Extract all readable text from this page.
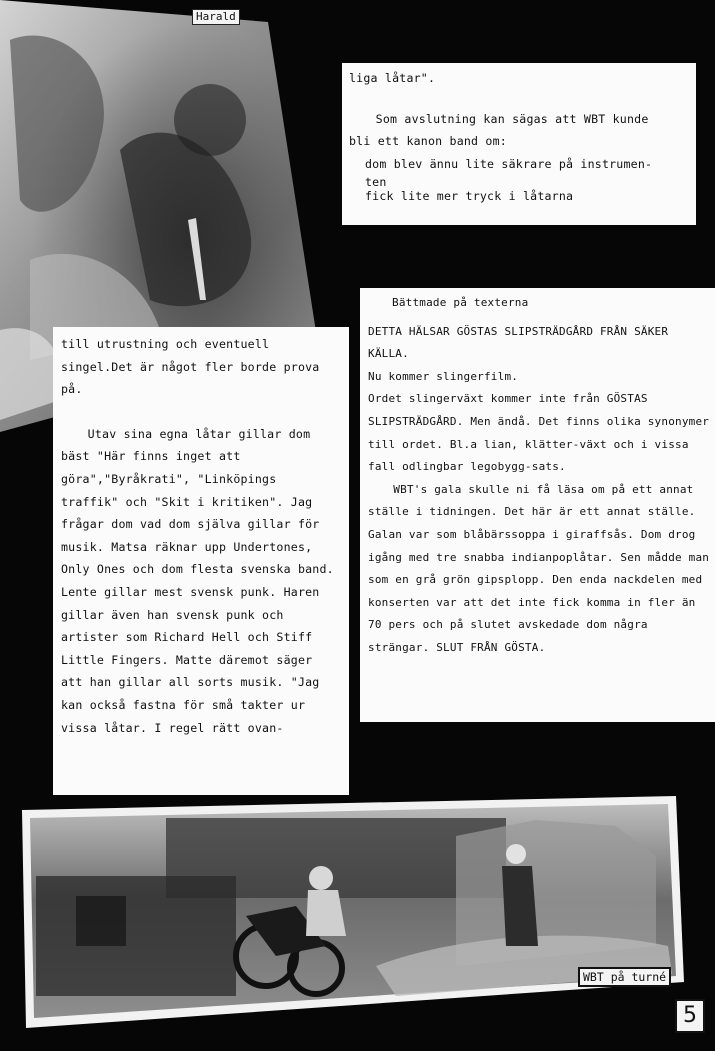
Harald

liga låtar".

Som avslutning kan sägas att WBT kunde

bli ett kanon band om:

dom blev ännu lite säkrare på instrumen-

ten

fick lite mer tryck i låtarna

till utrustning och eventuell singel.Det är något fler borde prova på.

Utav sina egna låtar gillar dom bäst "Här finns inget att göra","Byråkrati", "Linköpings traffik" och "Skit i kritiken". Jag frågar dom vad dom själva gillar för musik. Matsa räknar upp Undertones, Only Ones och dom flesta svenska band. Lente gillar mest svensk punk. Haren gillar även han svensk punk och artister som Richard Hell och Stiff Little Fingers. Matte däremot säger att han gillar all sorts musik. "Jag kan också fastna för små takter ur vissa låtar. I regel rätt ovan-

Bättmade på texterna

DETTA HÄLSAR GÖSTAS SLIPSTRÄDGÅRD FRÅN SÄKER KÄLLA.

Nu kommer slingerfilm.

Ordet slingerväxt kommer inte från GÖSTAS SLIPSTRÄDGÅRD. Men ändå. Det finns olika synonymer till ordet. Bl.a lian, klätter-växt och i vissa fall odlingbar legobygg-sats.

WBT's gala skulle ni få läsa om på ett annat ställe i tidningen. Det här är ett annat ställe. Galan var som blåbärssoppa i giraffsås. Dom drog igång med tre snabba indianpoplåtar. Sen mådde man som en grå grön gipsplopp. Den enda nackdelen med konserten var att det inte fick komma in fler än 70 pers och på slutet avskedade dom några strängar. SLUT FRÅN GÖSTA.

WBT på turné
5
